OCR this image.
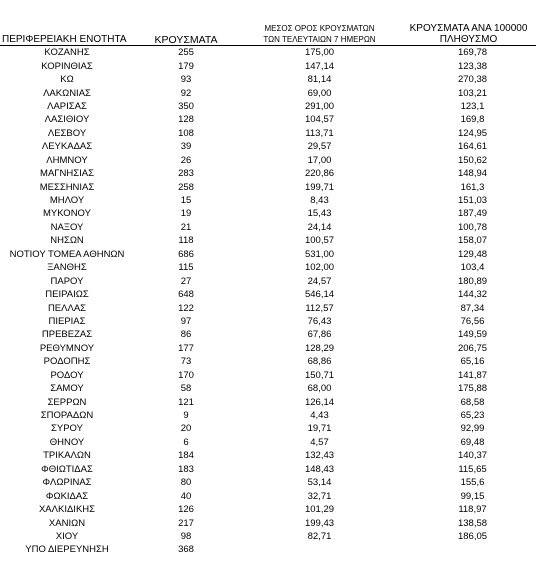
ΠΕΡΙΦΕΡΕΙΑΚΗ ΕΝΟΤΗΤΑ	ΚΡΟΥΣΜΑΤΑ	ΜΕΣΟΣ ΟΡΟΣ ΚΡΟΥΣΜΑΤΩΝ
ΤΩΝ ΤΕΛΕΥΤΑΙΩΝ 7 ΗΜΕΡΩΝ	ΚΡΟΥΣΜΑΤΑ ΑΝΑ 100000
ΠΛΗΘΥΣΜΟ
ΚΟΖΑΝΗΣ	255	175,00	169,78
ΚΟΡΙΝΘΙΑΣ	179	147,14	123,38
ΚΩ	93	81,14	270,38
ΛΑΚΩΝΙΑΣ	92	69,00	103,21
ΛΑΡΙΣΑΣ	350	291,00	123,1
ΛΑΣΙΘΙΟΥ	128	104,57	169,8
ΛΕΣΒΟΥ	108	113,71	124,95
ΛΕΥΚΑΔΑΣ	39	29,57	164,61
ΛΗΜΝΟΥ	26	17,00	150,62
ΜΑΓΝΗΣΙΑΣ	283	220,86	148,94
ΜΕΣΣΗΝΙΑΣ	258	199,71	161,3
ΜΗΛΟΥ	15	8,43	151,03
ΜΥΚΟΝΟΥ	19	15,43	187,49
ΝΑΞΟΥ	21	24,14	100,78
ΝΗΣΩΝ	118	100,57	158,07
ΝΟΤΙΟΥ ΤΟΜΕΑ ΑΘΗΝΩΝ	686	531,00	129,48
ΞΑΝΘΗΣ	115	102,00	103,4
ΠΑΡΟΥ	27	24,57	180,89
ΠΕΙΡΑΙΩΣ	648	546,14	144,32
ΠΕΛΛΑΣ	122	112,57	87,34
ΠΙΕΡΙΑΣ	97	76,43	76,56
ΠΡΕΒΕΖΑΣ	86	67,86	149,59
ΡΕΘΥΜΝΟΥ	177	128,29	206,75
ΡΟΔΟΠΗΣ	73	68,86	65,16
ΡΟΔΟΥ	170	150,71	141,87
ΣΑΜΟΥ	58	68,00	175,88
ΣΕΡΡΩΝ	121	126,14	68,58
ΣΠΟΡΑΔΩΝ	9	4,43	65,23
ΣΥΡΟΥ	20	19,71	92,99
ΘΗΝΟΥ	6	4,57	69,48
ΤΡΙΚΑΛΩΝ	184	132,43	140,37
ΦΘΙΩΤΙΔΑΣ	183	148,43	115,65
ΦΛΩΡΙΝΑΣ	80	53,14	155,6
ΦΩΚΙΔΑΣ	40	32,71	99,15
ΧΑΛΚΙΔΙΚΗΣ	126	101,29	118,97
ΧΑΝΙΩΝ	217	199,43	138,58
ΧΙΟΥ	98	82,71	186,05
ΥΠΟ ΔΙΕΡΕΥΝΗΣΗ	368		
